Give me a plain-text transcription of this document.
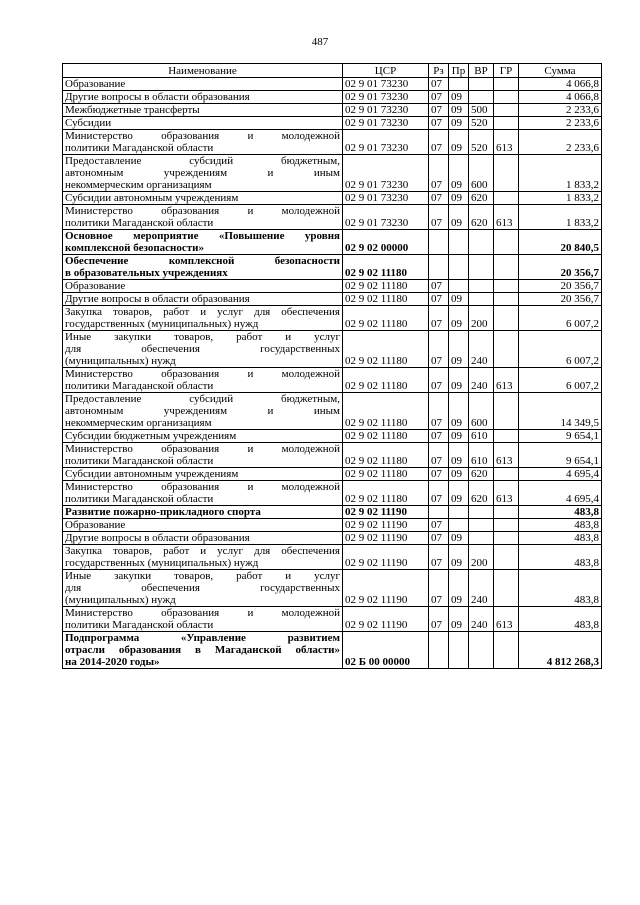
487
Наименование	ЦСР	Рз	Пр	ВР	ГР	Сумма

Образование	02 9 01 73230	07				4 066,8

Другие вопросы в области образования	02 9 01 73230	07	09			4 066,8

Межбюджетные трансферты	02 9 01 73230	07	09	500		2 233,6

Субсидии	02 9 01 73230	07	09	520		2 233,6

Министерство образования и молодежной
политики Магаданской области	02 9 01 73230	07	09	520	613	2 233,6

Предоставление субсидий бюджетным,
автономным учреждениям и иным
некоммерческим организациям	02 9 01 73230	07	09	600		1 833,2

Субсидии автономным учреждениям	02 9 01 73230	07	09	620		1 833,2

Министерство образования и молодежной
политики Магаданской области	02 9 01 73230	07	09	620	613	1 833,2

Основное мероприятие «Повышение уровня
комплексной безопасности»	02 9 02 00000					20 840,5

Обеспечение комплексной безопасности
в образовательных учреждениях	02 9 02 11180					20 356,7

Образование	02 9 02 11180	07				20 356,7

Другие вопросы в области образования	02 9 02 11180	07	09			20 356,7

Закупка товаров, работ и услуг для обеспечения
государственных (муниципальных) нужд	02 9 02 11180	07	09	200		6 007,2

Иные закупки товаров, работ и услуг
для обеспечения государственных
(муниципальных) нужд	02 9 02 11180	07	09	240		6 007,2

Министерство образования и молодежной
политики Магаданской области	02 9 02 11180	07	09	240	613	6 007,2

Предоставление субсидий бюджетным,
автономным учреждениям и иным
некоммерческим организациям	02 9 02 11180	07	09	600		14 349,5

Субсидии бюджетным учреждениям	02 9 02 11180	07	09	610		9 654,1

Министерство образования и молодежной
политики Магаданской области	02 9 02 11180	07	09	610	613	9 654,1

Субсидии автономным учреждениям	02 9 02 11180	07	09	620		4 695,4

Министерство образования и молодежной
политики Магаданской области	02 9 02 11180	07	09	620	613	4 695,4

Развитие пожарно-прикладного спорта	02 9 02 11190					483,8

Образование	02 9 02 11190	07				483,8

Другие вопросы в области образования	02 9 02 11190	07	09			483,8

Закупка товаров, работ и услуг для обеспечения
государственных (муниципальных) нужд	02 9 02 11190	07	09	200		483,8

Иные закупки товаров, работ и услуг
для обеспечения государственных
(муниципальных) нужд	02 9 02 11190	07	09	240		483,8

Министерство образования и молодежной
политики Магаданской области	02 9 02 11190	07	09	240	613	483,8

Подпрограмма «Управление развитием
отрасли образования в Магаданской области»
на 2014-2020 годы»	02 Б 00 00000					4 812 268,3
